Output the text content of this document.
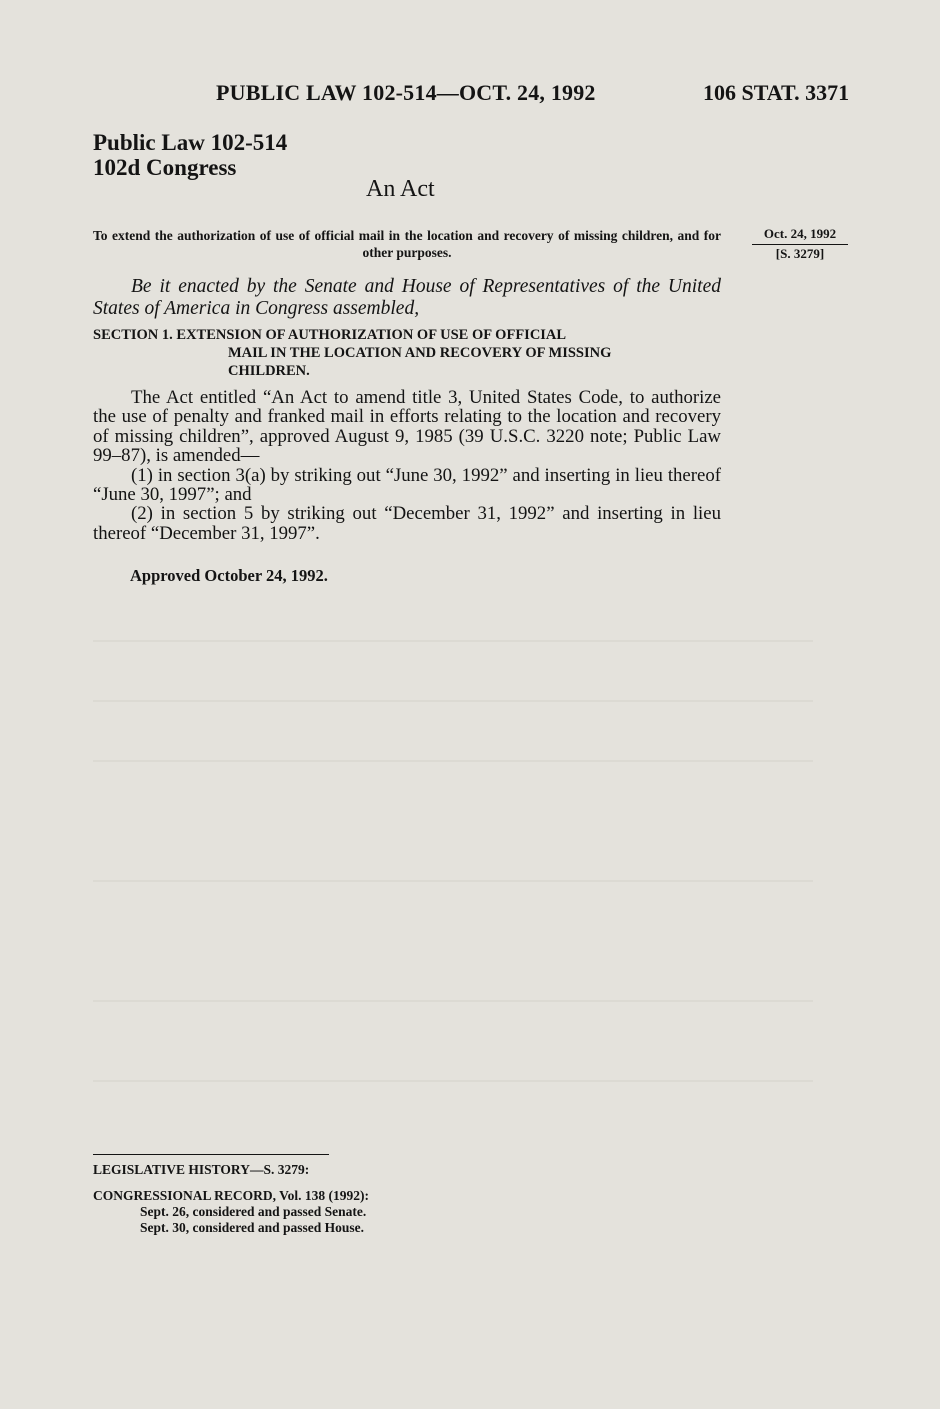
PUBLIC LAW 102-514—OCT. 24, 1992	106 STAT. 3371
Public Law 102-514
102d Congress
An Act
To extend the authorization of use of official mail in the location and recovery of missing children, and for other purposes.
Oct. 24, 1992
[S. 3279]
Be it enacted by the Senate and House of Representatives of the United States of America in Congress assembled,
SECTION 1. EXTENSION OF AUTHORIZATION OF USE OF OFFICIAL
MAIL IN THE LOCATION AND RECOVERY OF MISSING
CHILDREN.

The Act entitled “An Act to amend title 3, United States Code, to authorize the use of penalty and franked mail in efforts relating to the location and recovery of missing children”, approved August 9, 1985 (39 U.S.C. 3220 note; Public Law 99–87), is amended—

(1) in section 3(a) by striking out “June 30, 1992” and inserting in lieu thereof “June 30, 1997”; and

(2) in section 5 by striking out “December 31, 1992” and inserting in lieu thereof “December 31, 1997”.

Approved October 24, 1992.
LEGISLATIVE HISTORY—S. 3279:
CONGRESSIONAL RECORD, Vol. 138 (1992):
Sept. 26, considered and passed Senate.
Sept. 30, considered and passed House.
